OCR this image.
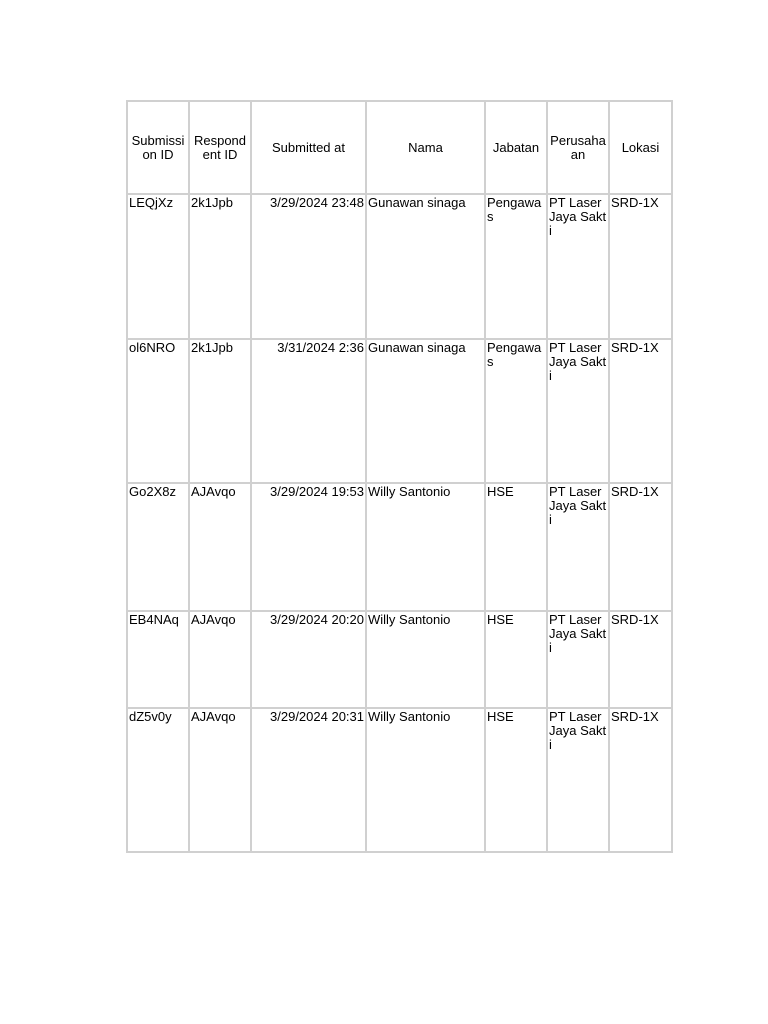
Submission ID	Respondent ID	Submitted at	Nama	Jabatan	Perusahaan	Lokasi
LEQjXz	2k1Jpb	3/29/2024 23:48	Gunawan sinaga	Pengawas	PT Laser Jaya Sakti	SRD-1X
ol6NRO	2k1Jpb	3/31/2024 2:36	Gunawan sinaga	Pengawas	PT Laser Jaya Sakti	SRD-1X
Go2X8z	AJAvqo	3/29/2024 19:53	Willy Santonio	HSE	PT Laser Jaya Sakti	SRD-1X
EB4NAq	AJAvqo	3/29/2024 20:20	Willy Santonio	HSE	PT Laser Jaya Sakti	SRD-1X
dZ5v0y	AJAvqo	3/29/2024 20:31	Willy Santonio	HSE	PT Laser Jaya Sakti	SRD-1X
